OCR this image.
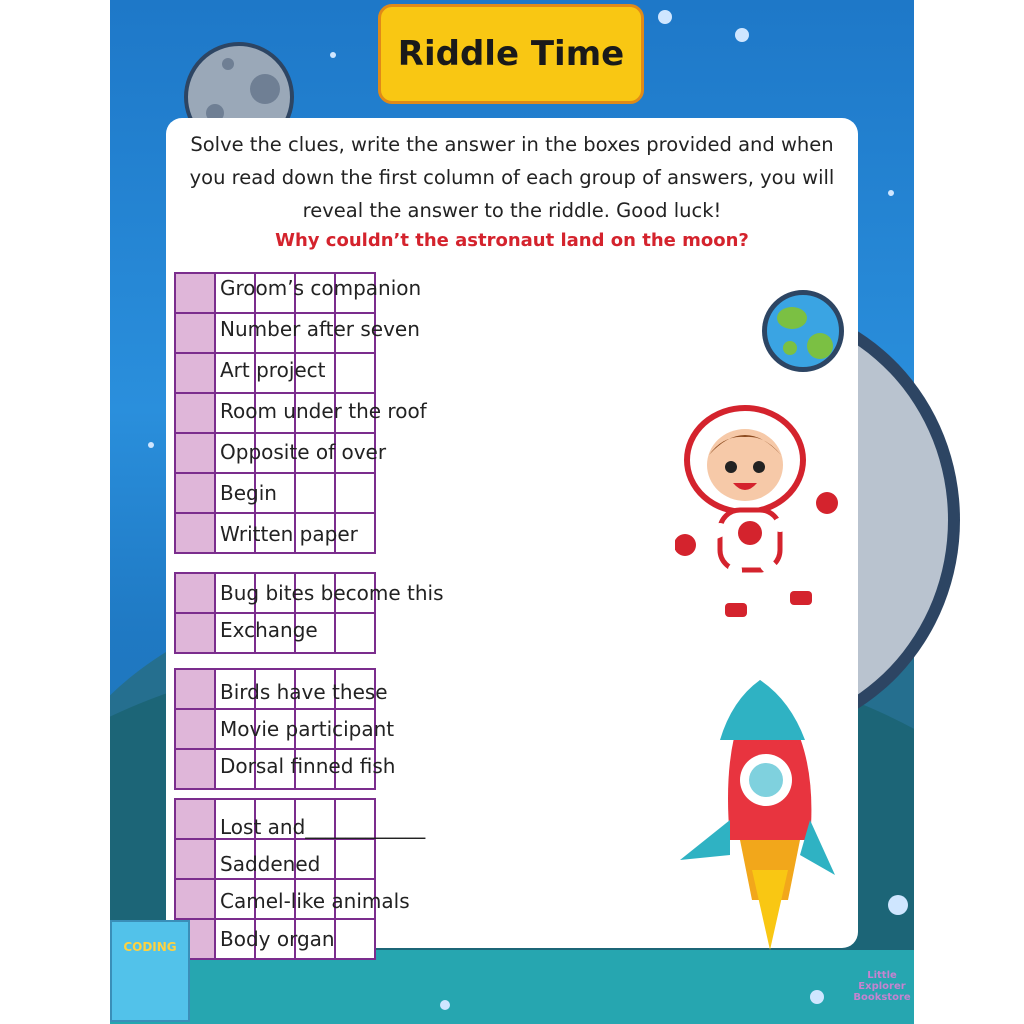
Riddle Time
Solve the clues, write the answer in the boxes provided and when you read down the first column of each group of answers, you will reveal the answer to the riddle. Good luck!
Why couldn’t the astronaut land on the moon?
Groom’s companion
Number after seven
Art project
Room under the roof
Opposite of over
Begin
Written paper
Bug bites become this
Exchange
Birds have these
Movie participant
Dorsal finned fish
Lost and____________
Saddened
Camel-like animals
Body organ
CODING
Little Explorer Bookstore
